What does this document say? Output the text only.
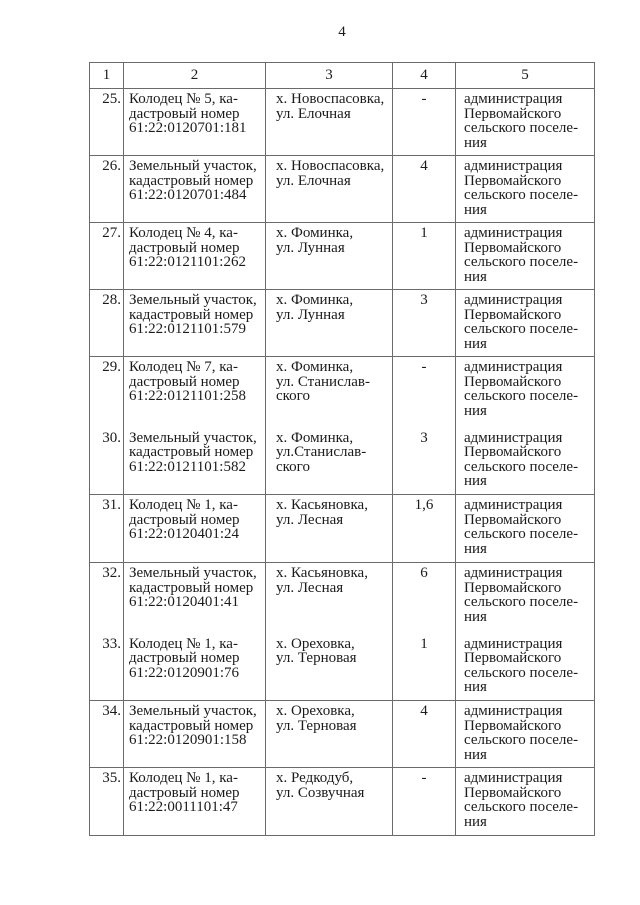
4
1	2	3	4	5
25.	Колодец № 5, ка-
дастровый номер
61:22:0120701:181	х. Новоспасовка,
ул. Елочная	-	администрация
Первомайского
сельского поселе-
ния
26.	Земельный участок,
кадастровый номер
61:22:0120701:484	х. Новоспасовка,
ул. Елочная	4	администрация
Первомайского
сельского поселе-
ния
27.	Колодец № 4, ка-
дастровый номер
61:22:0121101:262	х. Фоминка,
ул. Лунная	1	администрация
Первомайского
сельского поселе-
ния
28.	Земельный участок,
кадастровый номер
61:22:0121101:579	х. Фоминка,
ул. Лунная	3	администрация
Первомайского
сельского поселе-
ния
29.	Колодец № 7, ка-
дастровый номер
61:22:0121101:258	х. Фоминка,
ул. Станислав-
ского	-	администрация
Первомайского
сельского поселе-
ния
30.	Земельный участок,
кадастровый номер
61:22:0121101:582	х. Фоминка,
ул.Станислав-
ского	3	администрация
Первомайского
сельского поселе-
ния
31.	Колодец № 1, ка-
дастровый номер
61:22:0120401:24	х. Касьяновка,
ул. Лесная	1,6	администрация
Первомайского
сельского поселе-
ния
32.	Земельный участок,
кадастровый номер
61:22:0120401:41	х. Касьяновка,
ул. Лесная	6	администрация
Первомайского
сельского поселе-
ния
33.	Колодец № 1, ка-
дастровый номер
61:22:0120901:76	х. Ореховка,
ул. Терновая	1	администрация
Первомайского
сельского поселе-
ния
34.	Земельный участок,
кадастровый номер
61:22:0120901:158	х. Ореховка,
ул. Терновая	4	администрация
Первомайского
сельского поселе-
ния
35.	Колодец № 1, ка-
дастровый номер
61:22:0011101:47	х. Редкодуб,
ул. Созвучная	-	администрация
Первомайского
сельского поселе-
ния
